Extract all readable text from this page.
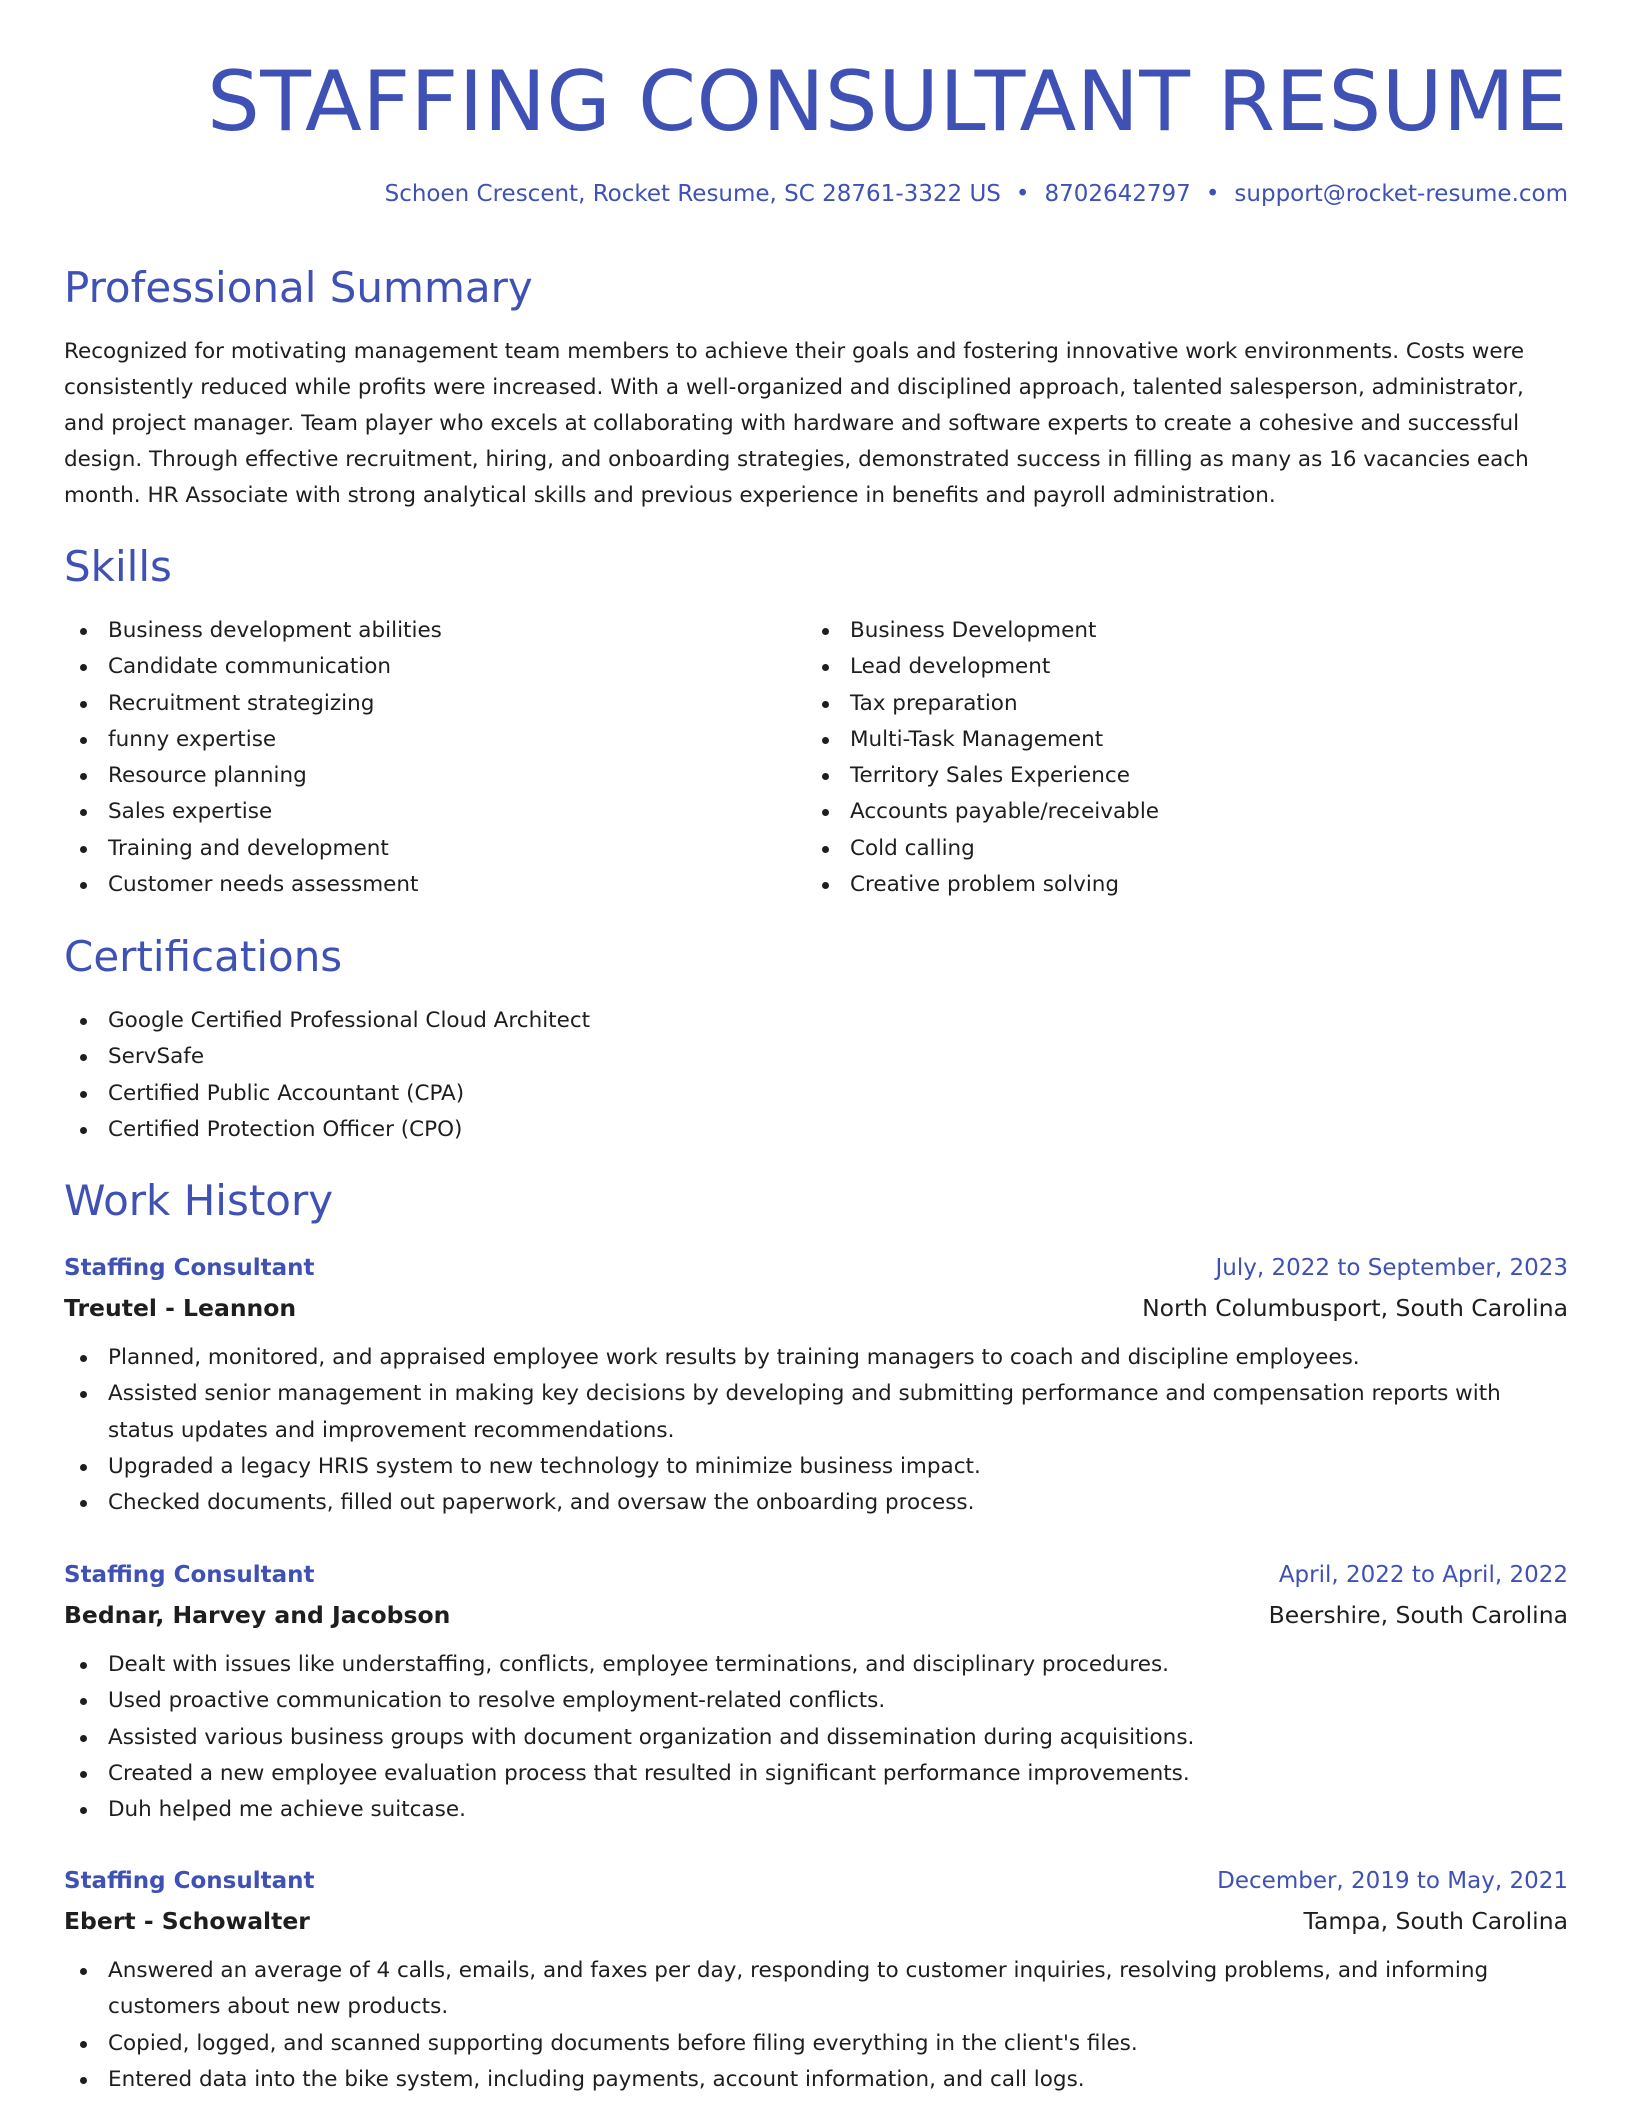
STAFFING CONSULTANT RESUME
Schoen Crescent, Rocket Resume, SC 28761-3322 US • 8702642797 • support@rocket-resume.com
Professional Summary

Recognized for motivating management team members to achieve their goals and fostering innovative work environments. Costs were consistently reduced while profits were increased. With a well-organized and disciplined approach, talented salesperson, administrator, and project manager. Team player who excels at collaborating with hardware and software experts to create a cohesive and successful design. Through effective recruitment, hiring, and onboarding strategies, demonstrated success in filling as many as 16 vacancies each month. HR Associate with strong analytical skills and previous experience in benefits and payroll administration.

Skills
Business development abilities
Candidate communication
Recruitment strategizing
funny expertise
Resource planning
Sales expertise
Training and development
Customer needs assessment
Business Development
Lead development
Tax preparation
Multi-Task Management
Territory Sales Experience
Accounts payable/receivable
Cold calling
Creative problem solving
Certifications
Google Certified Professional Cloud Architect
ServSafe
Certified Public Accountant (CPA)
Certified Protection Officer (CPO)
Work History
Staffing Consultant	July, 2022 to September, 2023
Treutel - Leannon	North Columbusport, South Carolina
Planned, monitored, and appraised employee work results by training managers to coach and discipline employees.
Assisted senior management in making key decisions by developing and submitting performance and compensation reports with status updates and improvement recommendations.
Upgraded a legacy HRIS system to new technology to minimize business impact.
Checked documents, filled out paperwork, and oversaw the onboarding process.
Staffing Consultant	April, 2022 to April, 2022
Bednar, Harvey and Jacobson	Beershire, South Carolina
Dealt with issues like understaffing, conflicts, employee terminations, and disciplinary procedures.
Used proactive communication to resolve employment-related conflicts.
Assisted various business groups with document organization and dissemination during acquisitions.
Created a new employee evaluation process that resulted in significant performance improvements.
Duh helped me achieve suitcase.
Staffing Consultant	December, 2019 to May, 2021
Ebert - Schowalter	Tampa, South Carolina
Answered an average of 4 calls, emails, and faxes per day, responding to customer inquiries, resolving problems, and informing customers about new products.
Copied, logged, and scanned supporting documents before filing everything in the client's files.
Entered data into the bike system, including payments, account information, and call logs.
